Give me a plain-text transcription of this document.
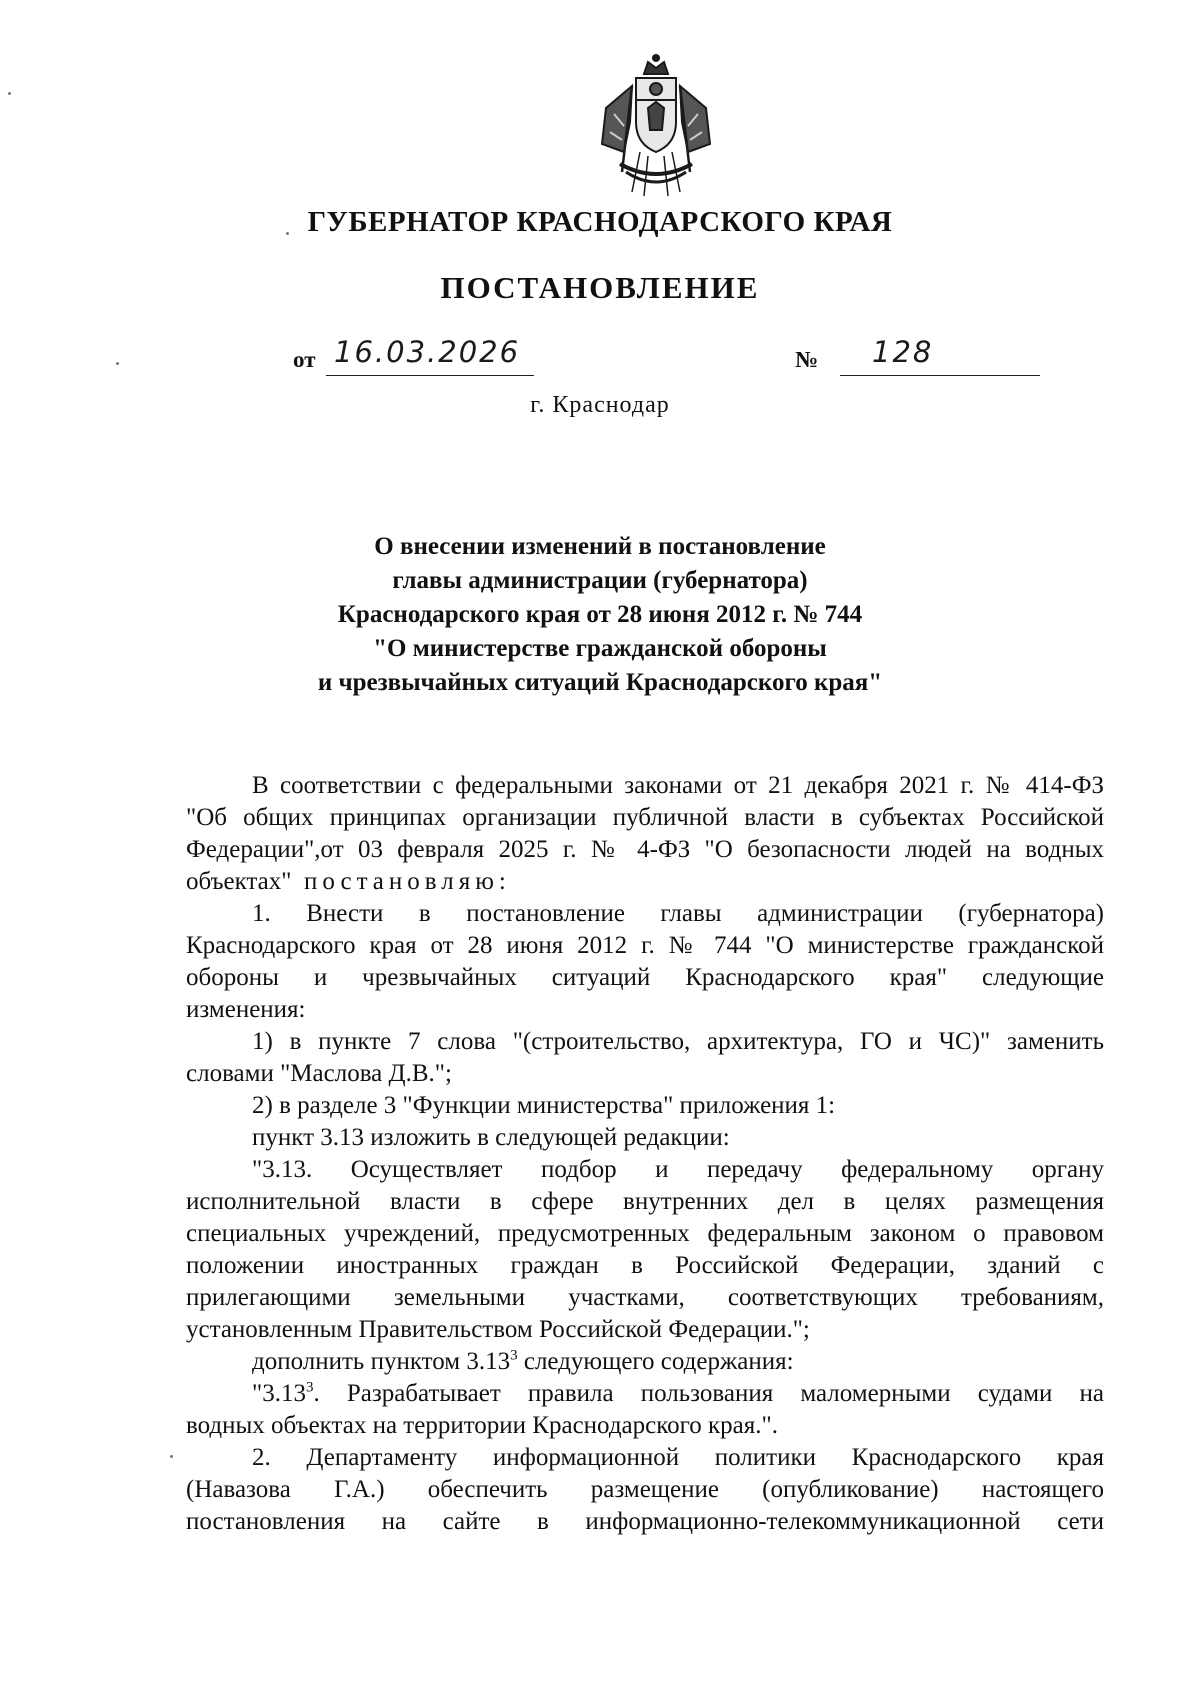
ГУБЕРНАТОР КРАСНОДАРСКОГО КРАЯ
ПОСТАНОВЛЕНИЕ
от 16.03.2026	№ 128
г. Краснодар
О внесении изменений в постановление
главы администрации (губернатора)
Краснодарского края от 28 июня 2012 г. № 744
"О министерстве гражданской обороны
и чрезвычайных ситуаций Краснодарского края"
В соответствии с федеральными законами от 21 декабря 2021 г. № 414-ФЗ
"Об общих принципах организации публичной власти в субъектах Российской
Федерации",от 03 февраля 2025 г. № 4-ФЗ "О безопасности людей на водных
объектах" постановляю:
1. Внести в постановление главы администрации (губернатора)
Краснодарского края от 28 июня 2012 г. № 744 "О министерстве гражданской
обороны и чрезвычайных ситуаций Краснодарского края" следующие
изменения:
1) в пункте 7 слова "(строительство, архитектура, ГО и ЧС)" заменить
словами "Маслова Д.В.";
2) в разделе 3 "Функции министерства" приложения 1:
пункт 3.13 изложить в следующей редакции:
"3.13. Осуществляет подбор и передачу федеральному органу
исполнительной власти в сфере внутренних дел в целях размещения
специальных учреждений, предусмотренных федеральным законом о правовом
положении иностранных граждан в Российской Федерации, зданий с
прилегающими земельными участками, соответствующих требованиям,
установленным Правительством Российской Федерации.";
дополнить пунктом 3.13$^3$ следующего содержания:
"3.13$^3$. Разрабатывает правила пользования маломерными судами на
водных объектах на территории Краснодарского края.".
2. Департаменту информационной политики Краснодарского края
(Навазова Г.А.) обеспечить размещение (опубликование) настоящего
постановления на сайте в информационно-телекоммуникационной сети
